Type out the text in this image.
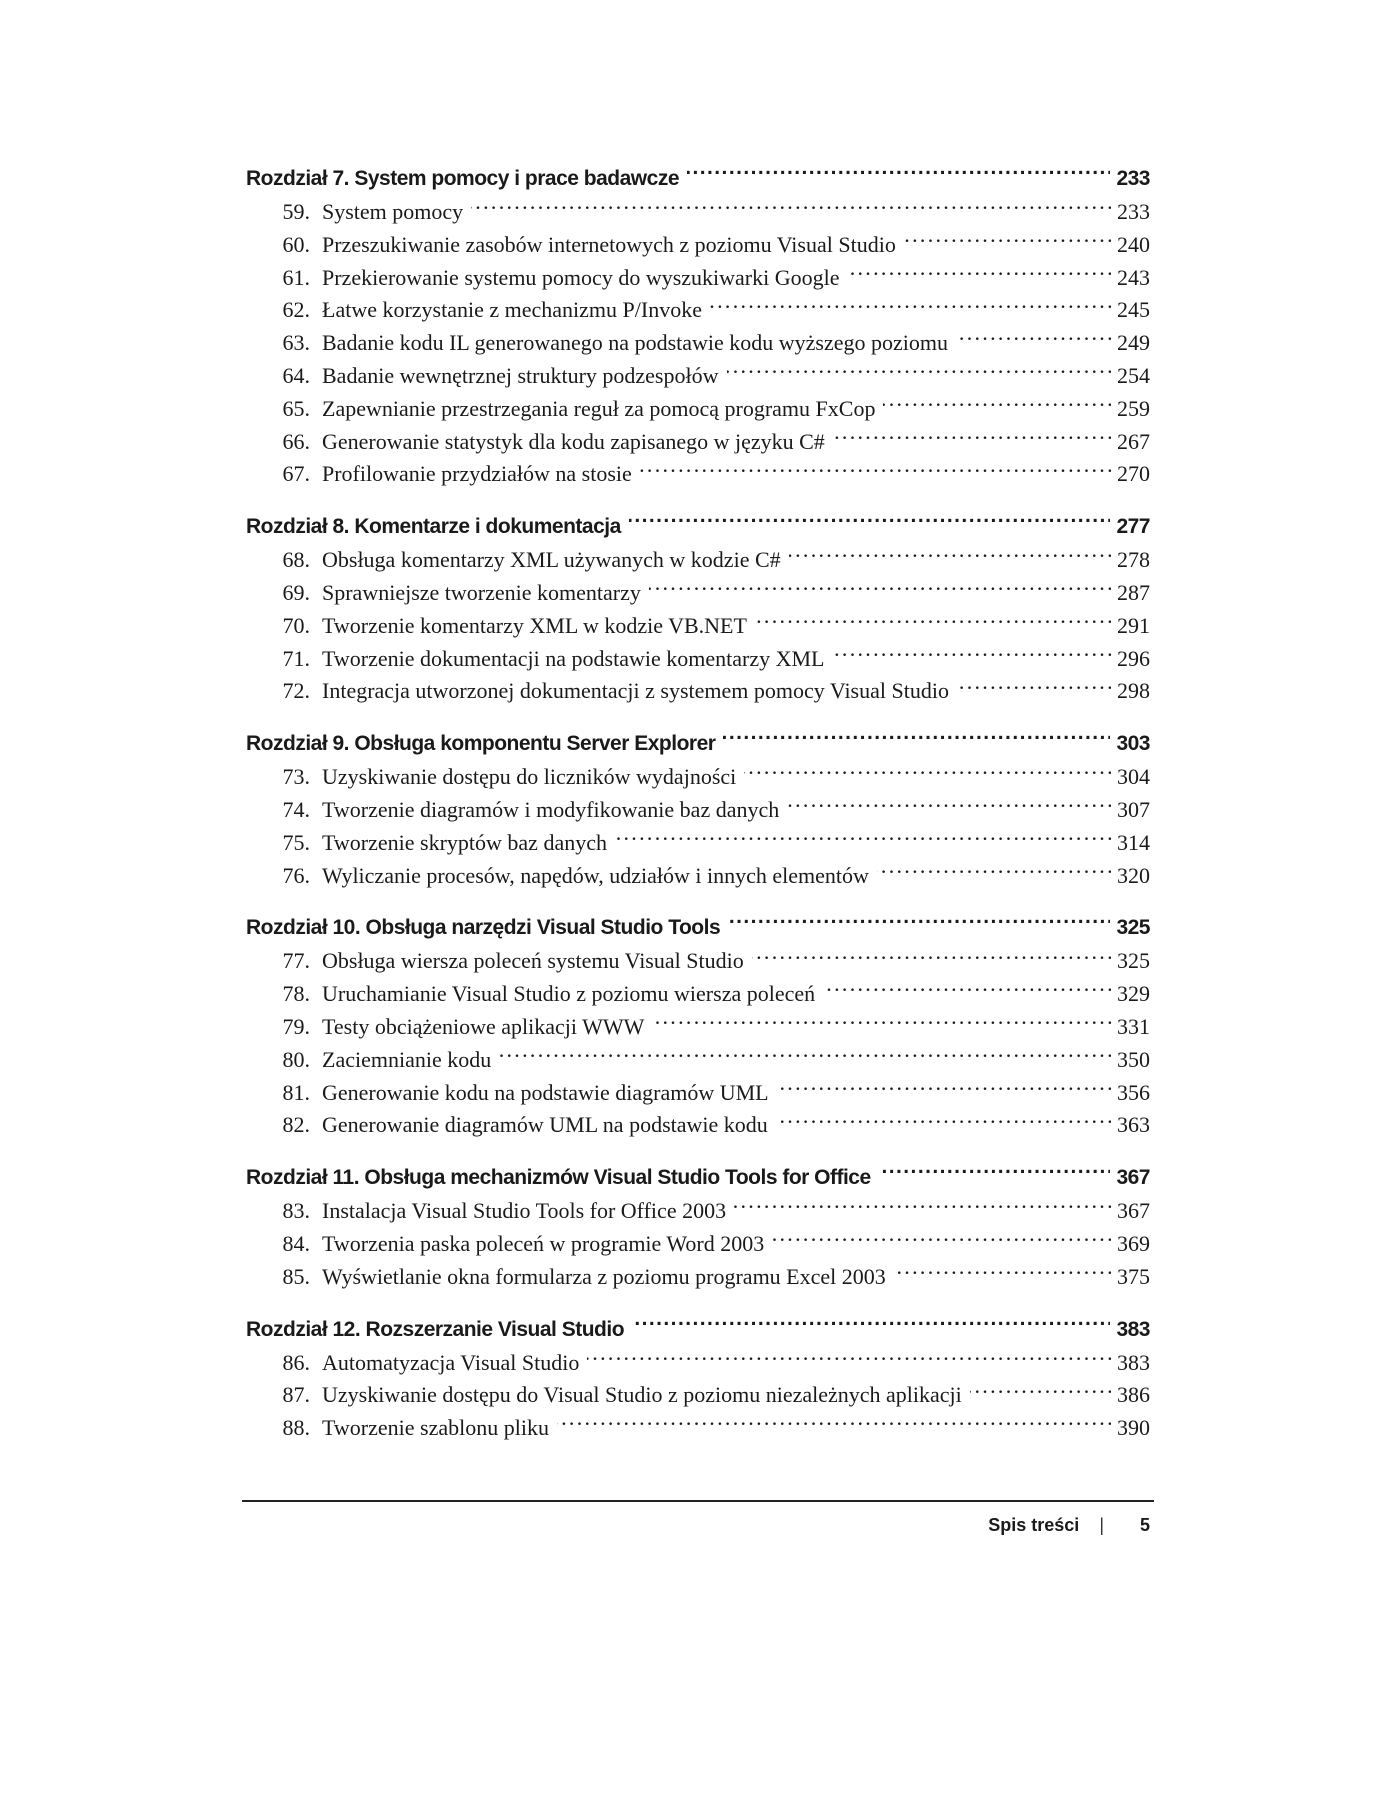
Rozdział 7. System pomocy i prace badawcze . . .	233
59. System pomocy . . .	233
60. Przeszukiwanie zasobów internetowych z poziomu Visual Studio . . .	240
61. Przekierowanie systemu pomocy do wyszukiwarki Google . . .	243
62. Łatwe korzystanie z mechanizmu P/Invoke . . .	245
63. Badanie kodu IL generowanego na podstawie kodu wyższego poziomu . . .	249
64. Badanie wewnętrznej struktury podzespołów . . .	254
65. Zapewnianie przestrzegania reguł za pomocą programu FxCop . . .	259
66. Generowanie statystyk dla kodu zapisanego w języku C# . . .	267
67. Profilowanie przydziałów na stosie . . .	270
Rozdział 8. Komentarze i dokumentacja . . .	277
68. Obsługa komentarzy XML używanych w kodzie C# . . .	278
69. Sprawniejsze tworzenie komentarzy . . .	287
70. Tworzenie komentarzy XML w kodzie VB.NET . . .	291
71. Tworzenie dokumentacji na podstawie komentarzy XML . . .	296
72. Integracja utworzonej dokumentacji z systemem pomocy Visual Studio . . .	298
Rozdział 9. Obsługa komponentu Server Explorer . . .	303
73. Uzyskiwanie dostępu do liczników wydajności . . .	304
74. Tworzenie diagramów i modyfikowanie baz danych . . .	307
75. Tworzenie skryptów baz danych . . .	314
76. Wyliczanie procesów, napędów, udziałów i innych elementów . . .	320
Rozdział 10. Obsługa narzędzi Visual Studio Tools . . .	325
77. Obsługa wiersza poleceń systemu Visual Studio . . .	325
78. Uruchamianie Visual Studio z poziomu wiersza poleceń . . .	329
79. Testy obciążeniowe aplikacji WWW . . .	331
80. Zaciemnianie kodu . . .	350
81. Generowanie kodu na podstawie diagramów UML . . .	356
82. Generowanie diagramów UML na podstawie kodu . . .	363
Rozdział 11. Obsługa mechanizmów Visual Studio Tools for Office . . .	367
83. Instalacja Visual Studio Tools for Office 2003 . . .	367
84. Tworzenia paska poleceń w programie Word 2003 . . .	369
85. Wyświetlanie okna formularza z poziomu programu Excel 2003 . . .	375
Rozdział 12. Rozszerzanie Visual Studio . . .	383
86. Automatyzacja Visual Studio . . .	383
87. Uzyskiwanie dostępu do Visual Studio z poziomu niezależnych aplikacji . . .	386
88. Tworzenie szablonu pliku . . .	390
Spis treści |	5
